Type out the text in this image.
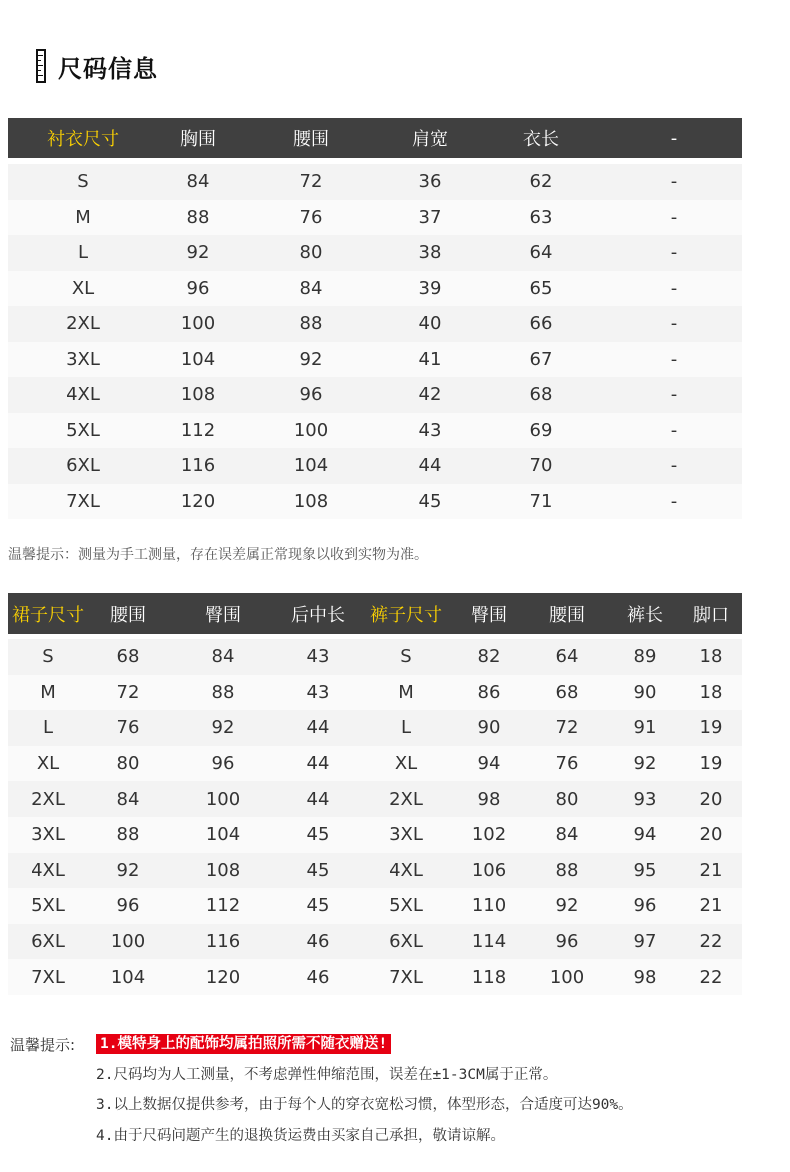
尺码信息
衬衣尺寸	胸围	腰围	肩宽	衣长	-
S	84	72	36	62	-
M	88	76	37	63	-
L	92	80	38	64	-
XL	96	84	39	65	-
2XL	100	88	40	66	-
3XL	104	92	41	67	-
4XL	108	96	42	68	-
5XL	112	100	43	69	-
6XL	116	104	44	70	-
7XL	120	108	45	71	-
温馨提示：测量为手工测量，存在误差属正常现象以收到实物为准。
裙子尺寸	腰围	臀围	后中长	裤子尺寸	臀围	腰围	裤长	脚口
S	68	84	43	S	82	64	89	18
M	72	88	43	M	86	68	90	18
L	76	92	44	L	90	72	91	19
XL	80	96	44	XL	94	76	92	19
2XL	84	100	44	2XL	98	80	93	20
3XL	88	104	45	3XL	102	84	94	20
4XL	92	108	45	4XL	106	88	95	21
5XL	96	112	45	5XL	110	92	96	21
6XL	100	116	46	6XL	114	96	97	22
7XL	104	120	46	7XL	118	100	98	22
温馨提示: 1.模特身上的配饰均属拍照所需不随衣赠送!
2.尺码均为人工测量，不考虑弹性伸缩范围，误差在±1-3CM属于正常。
3.以上数据仅提供参考，由于每个人的穿衣宽松习惯，体型形态，合适度可达90%。
4.由于尺码问题产生的退换货运费由买家自己承担，敬请谅解。
